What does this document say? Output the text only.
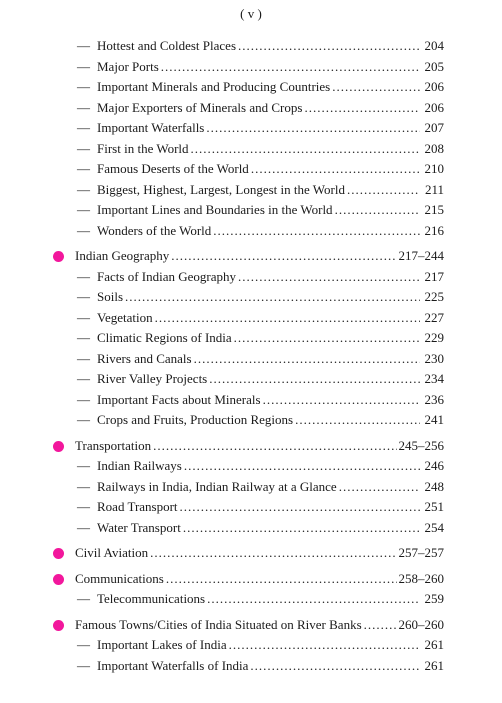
( v )
— Hottest and Coldest Places .....	204
— Major Ports .....	205
— Important Minerals and Producing Countries .....	206
— Major Exporters of Minerals and Crops .....	206
— Important Waterfalls .....	207
— First in the World .....	208
— Famous Deserts of the World .....	210
— Biggest, Highest, Largest, Longest in the World .....	211
— Important Lines and Boundaries in the World .....	215
— Wonders of the World .....	216
Indian Geography .....	217–244
— Facts of Indian Geography .....	217
— Soils .....	225
— Vegetation .....	227
— Climatic Regions of India .....	229
— Rivers and Canals .....	230
— River Valley Projects .....	234
— Important Facts about Minerals .....	236
— Crops and Fruits, Production Regions .....	241
Transportation .....	245–256
— Indian Railways .....	246
— Railways in India, Indian Railway at a Glance .....	248
— Road Transport .....	251
— Water Transport .....	254
Civil Aviation .....	257–257
Communications .....	258–260
— Telecommunications .....	259
Famous Towns/Cities of India Situated on River Banks .....	260–260
— Important Lakes of India .....	261
— Important Waterfalls of India .....	261
